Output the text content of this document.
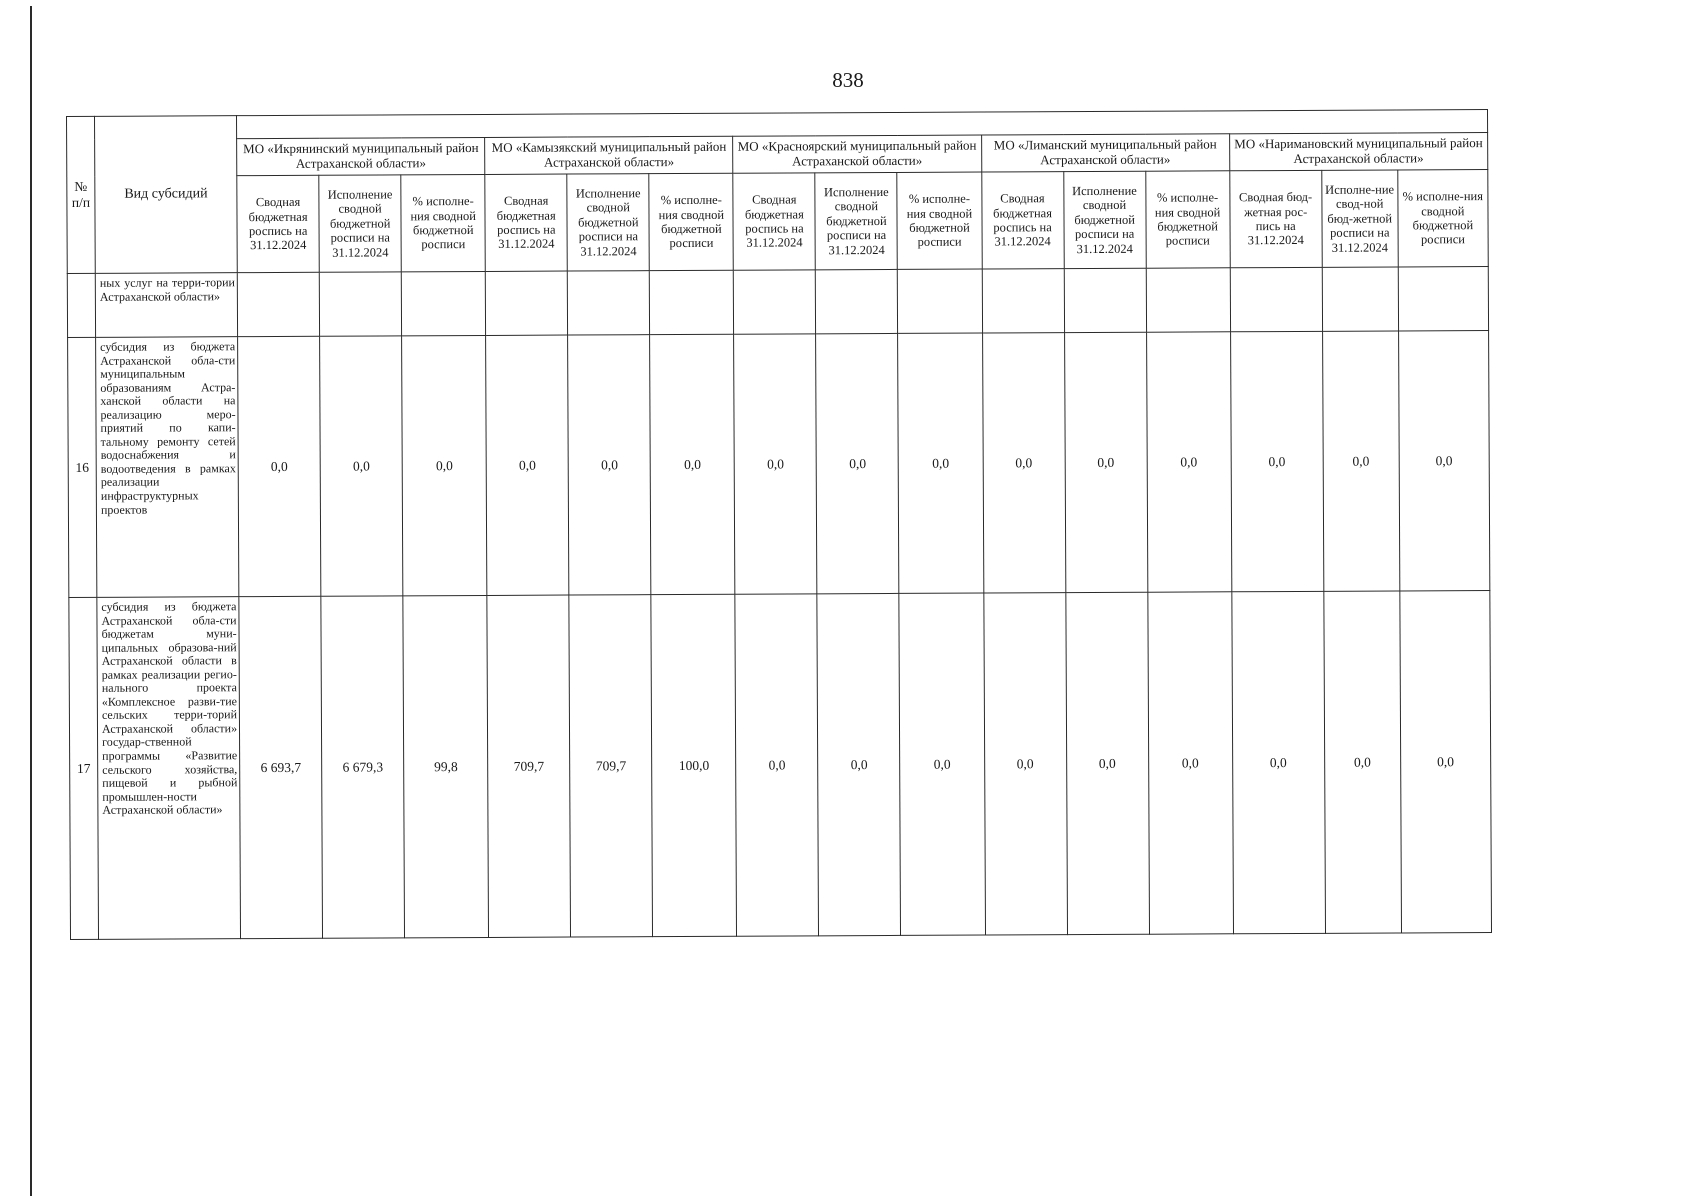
838
№ п/п	Вид субсидий															
		МО «Икрянинский муниципальный район Астраханской области»			МО «Камызякский муниципальный район Астраханской области»			МО «Красноярский муниципальный район Астраханской области»			МО «Лиманский муниципальный район Астраханской области»			МО «Наримановский муниципальный район Астраханской области»		
		Сводная бюджетная роспись на 31.12.2024	Исполнение сводной бюджетной росписи на 31.12.2024	% исполне-ния сводной бюджетной росписи	Сводная бюджетная роспись на 31.12.2024	Исполнение сводной бюджетной росписи на 31.12.2024	% исполне-ния сводной бюджетной росписи	Сводная бюджетная роспись на 31.12.2024	Исполнение сводной бюджетной росписи на 31.12.2024	% исполне-ния сводной бюджетной росписи	Сводная бюджетная роспись на 31.12.2024	Исполнение сводной бюджетной росписи на 31.12.2024	% исполне-ния сводной бюджетной росписи	Сводная бюд-жетная рос-пись на 31.12.2024	Исполне-ние свод-ной бюд-жетной росписи на 31.12.2024	% исполне-ния сводной бюджетной росписи
	ных услуг на терри-тории Астраханской области»															
16	субсидия из бюджета Астраханской обла-сти муниципальным образованиям Астра-ханской области на реализацию меро-приятий по капи-тальному ремонту сетей водоснабжения и водоотведения в рамках реализации инфраструктурных проектов	0,0	0,0	0,0	0,0	0,0	0,0	0,0	0,0	0,0	0,0	0,0	0,0	0,0	0,0	0,0
17	субсидия из бюджета Астраханской обла-сти бюджетам муни-ципальных образова-ний Астраханской области в рамках реализации регио-нального проекта «Комплексное разви-тие сельских терри-торий Астраханской области» государ-ственной программы «Развитие сельского хозяйства, пищевой и рыбной промышлен-ности Астраханской области»	6 693,7	6 679,3	99,8	709,7	709,7	100,0	0,0	0,0	0,0	0,0	0,0	0,0	0,0	0,0	0,0
